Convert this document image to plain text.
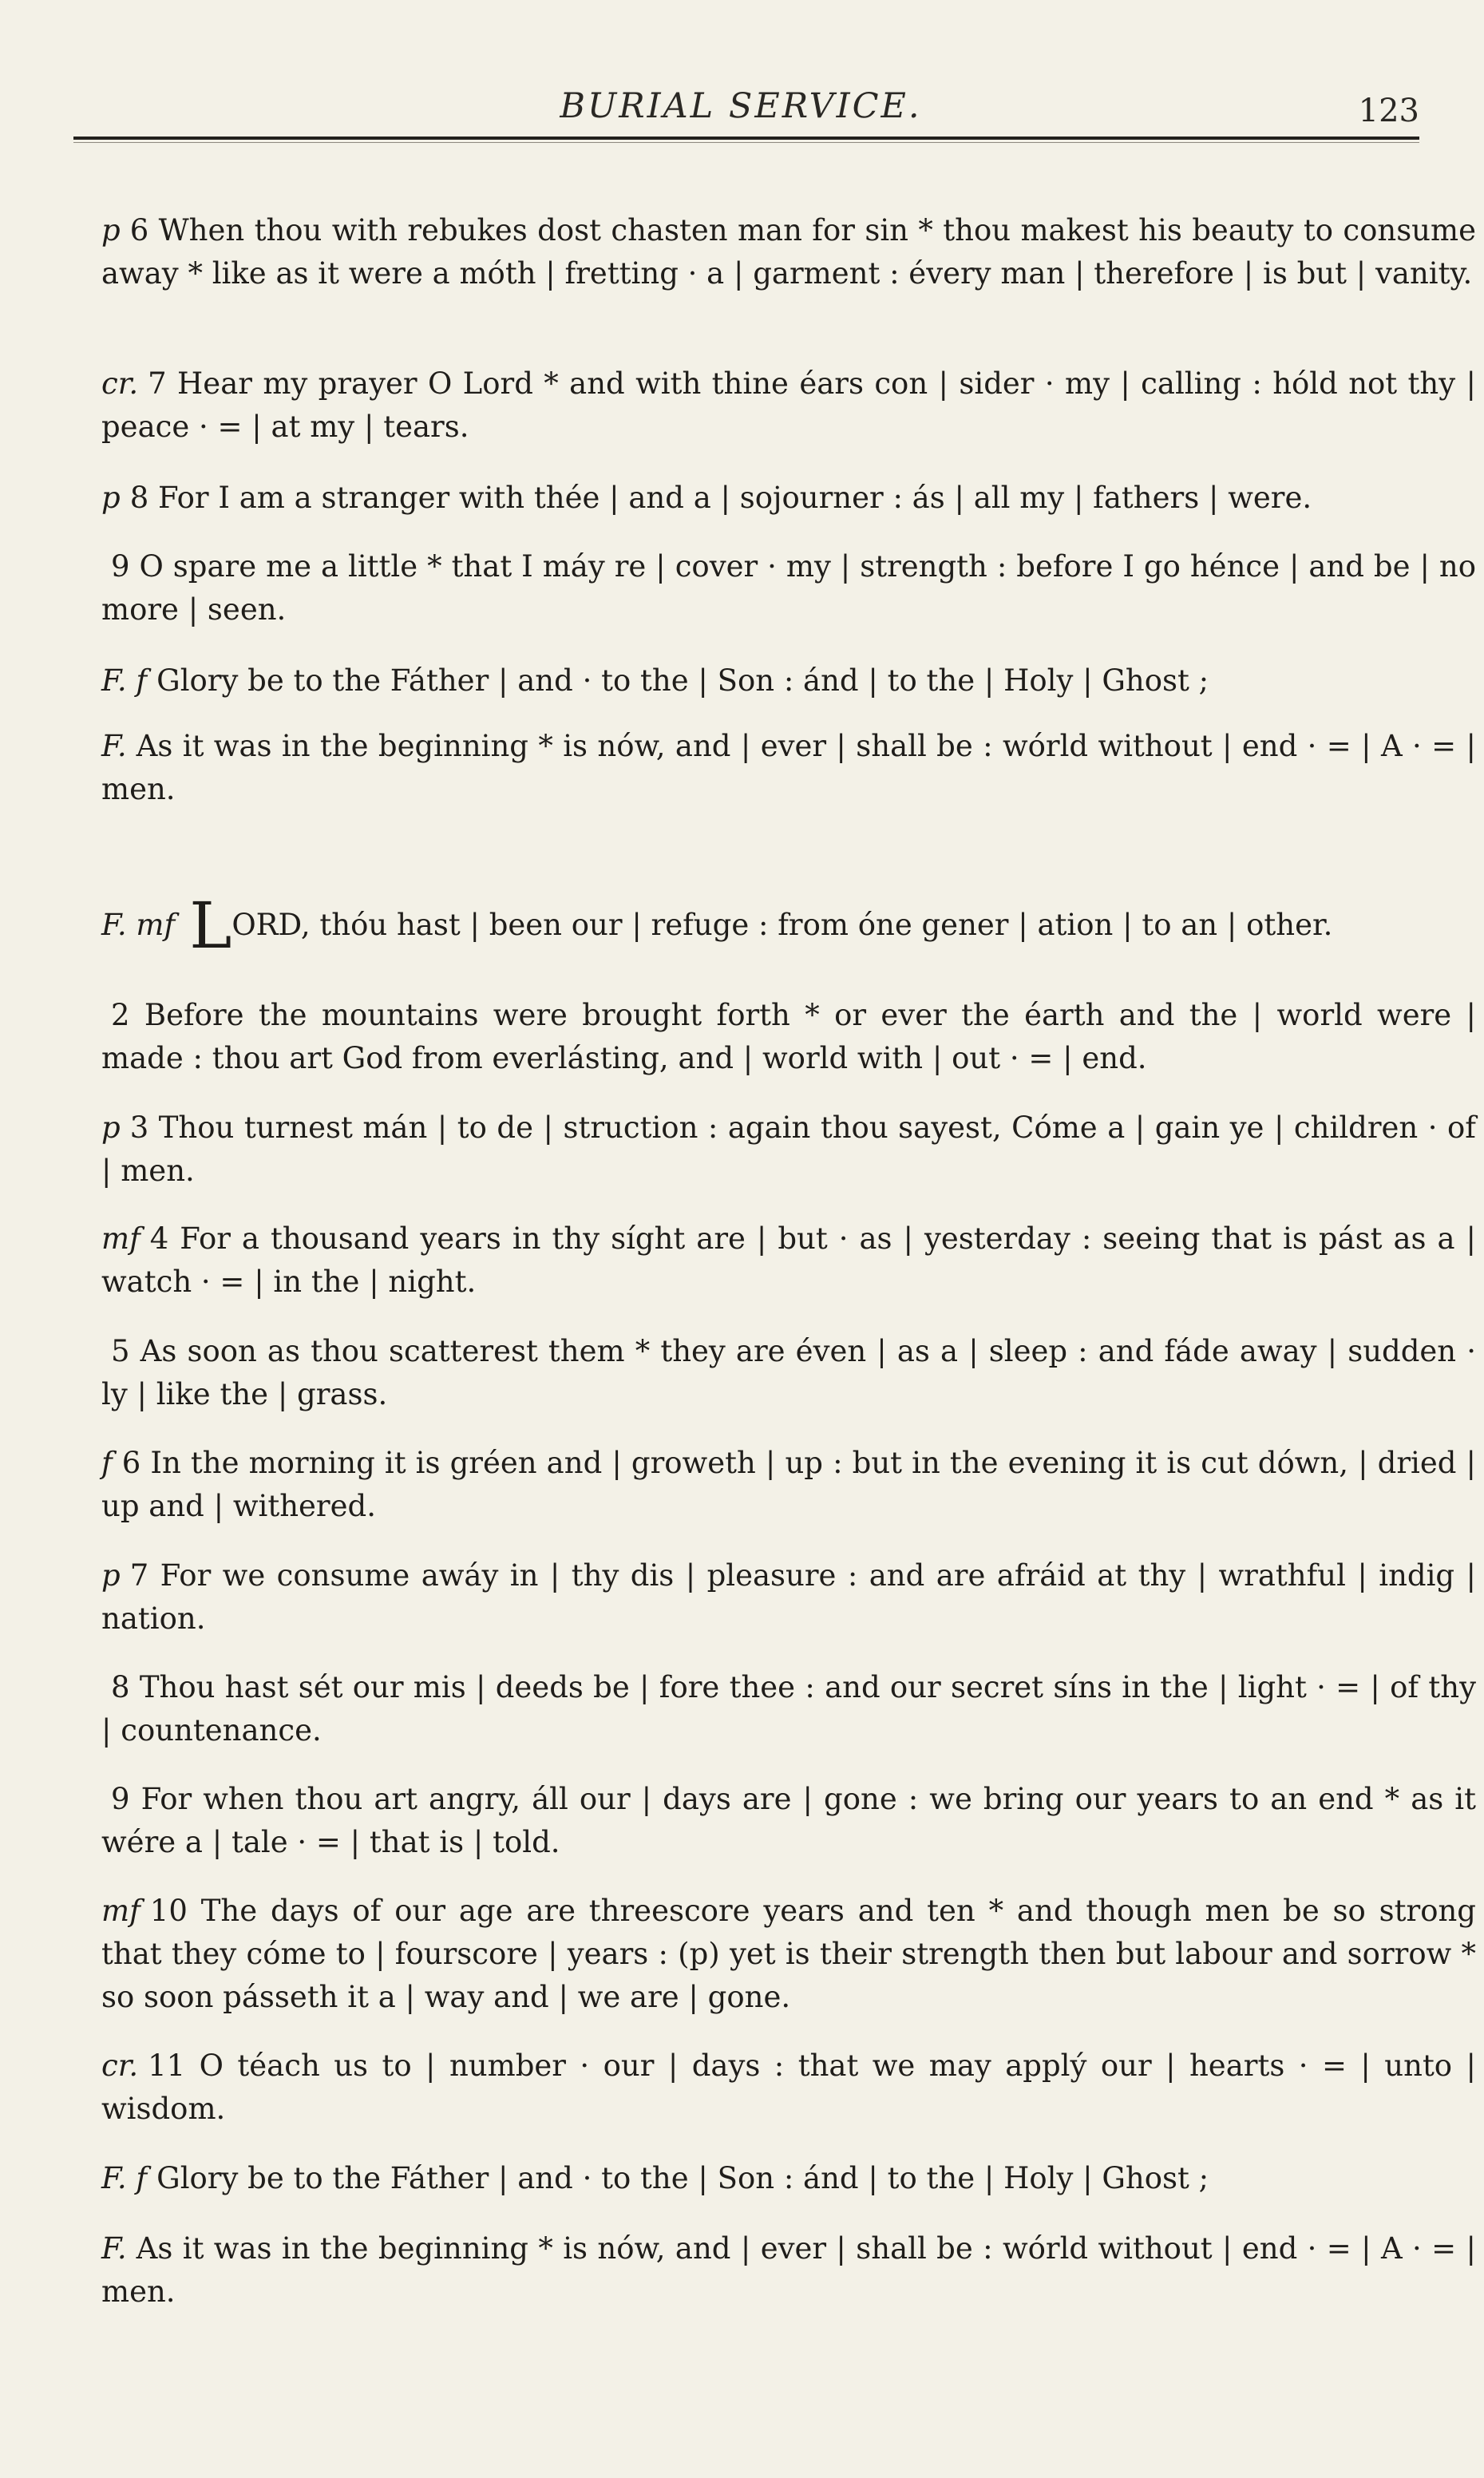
BURIAL SERVICE.	123

p 6 When thou with rebukes dost chasten man for sin * thou makest his beauty to consume away * like as it were a móth | fretting · a | garment : évery man | therefore | is but | vanity.

cr. 7 Hear my prayer O Lord * and with thine éars con | sider · my | calling : hóld not thy | peace · = | at my | tears.

p 8 For I am a stranger with thée | and a | sojourner : ás | all my | fathers | were.

9 O spare me a little * that I máy re | cover · my | strength : before I go hénce | and be | no more | seen.

F. f Glory be to the Fáther | and · to the | Son : ánd | to the | Holy | Ghost ;

F. As it was in the beginning * is nów, and | ever | shall be : wórld without | end · = | A · = | men.

F. mf LORD, thóu hast | been our | refuge : from óne gener | ation | to an | other.

2 Before the mountains were brought forth * or ever the éarth and the | world were | made : thou art God from everlásting, and | world with | out · = | end.

p 3 Thou turnest mán | to de | struction : again thou sayest, Cóme a | gain ye | children · of | men.

mf 4 For a thousand years in thy síght are | but · as | yesterday : seeing that is pást as a | watch · = | in the | night.

5 As soon as thou scatterest them * they are éven | as a | sleep : and fáde away | sudden · ly | like the | grass.

f 6 In the morning it is gréen and | groweth | up : but in the evening it is cut dówn, | dried | up and | withered.

p 7 For we consume awáy in | thy dis | pleasure : and are afráid at thy | wrathful | indig | nation.

8 Thou hast sét our mis | deeds be | fore thee : and our secret síns in the | light · = | of thy | countenance.

9 For when thou art angry, áll our | days are | gone : we bring our years to an end * as it wére a | tale · = | that is | told.

mf 10 The days of our age are threescore years and ten * and though men be so strong that they cóme to | fourscore | years : (p) yet is their strength then but labour and sorrow * so soon pásseth it a | way and | we are | gone.

cr. 11 O téach us to | number · our | days : that we may applý our | hearts · = | unto | wisdom.

F. f Glory be to the Fáther | and · to the | Son : ánd | to the | Holy | Ghost ;

F. As it was in the beginning * is nów, and | ever | shall be : wórld without | end · = | A · = | men.
